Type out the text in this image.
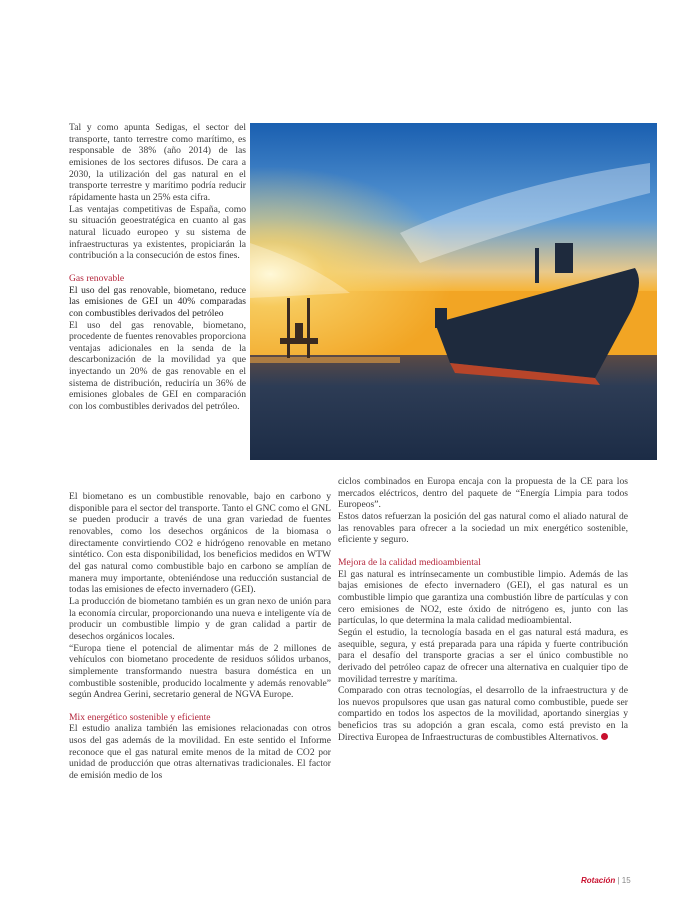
Tal y como apunta Sedigas, el sector del transporte, tanto terrestre como marítimo, es responsable de 38% (año 2014) de las emisiones de los sectores difusos. De cara a 2030, la utilización del gas natural en el transporte terrestre y marítimo podría reducir rápidamente hasta un 25% esta cifra.

Las ventajas competitivas de España, como su situación geoestratégica en cuanto al gas natural licuado europeo y su sistema de infraestructuras ya existentes, propiciarán la contribución a la consecución de estos fines.

Gas renovable

El uso del gas renovable, biometano, reduce las emisiones de GEI un 40% comparadas con combustibles derivados del petróleo

El uso del gas renovable, biometano, procedente de fuentes renovables proporciona ventajas adicionales en la senda de la descarbonización de la movilidad ya que inyectando un 20% de gas renovable en el sistema de distribución, reduciría un 36% de emisiones globales de GEI en comparación con los combustibles derivados del petróleo.

El biometano es un combustible renovable, bajo en carbono y disponible para el sector del transporte. Tanto el GNC como el GNL se pueden producir a través de una gran variedad de fuentes renovables, como los desechos orgánicos de la biomasa o directamente convirtiendo CO2 e hidrógeno renovable en metano sintético. Con esta disponibilidad, los beneficios medidos en WTW del gas natural como combustible bajo en carbono se amplían de manera muy importante, obteniéndose una reducción sustancial de todas las emisiones de efecto invernadero (GEI).

La producción de biometano también es un gran nexo de unión para la economía circular, proporcionando una nueva e inteligente vía de producir un combustible limpio y de gran calidad a partir de desechos orgánicos locales.

“Europa tiene el potencial de alimentar más de 2 millones de vehículos con biometano procedente de residuos sólidos urbanos, simplemente transformando nuestra basura doméstica en un combustible sostenible, producido localmente y además renovable” según Andrea Gerini, secretario general de NGVA Europe.

Mix energético sostenible y eficiente

El estudio analiza también las emisiones relacionadas con otros usos del gas además de la movilidad. En este sentido el Informe reconoce que el gas natural emite menos de la mitad de CO2 por unidad de producción que otras alternativas tradicionales. El factor de emisión medio de los

ciclos combinados en Europa encaja con la propuesta de la CE para los mercados eléctricos, dentro del paquete de “Energía Limpia para todos Europeos”.

Estos datos refuerzan la posición del gas natural como el aliado natural de las renovables para ofrecer a la sociedad un mix energético sostenible, eficiente y seguro.

Mejora de la calidad medioambiental

El gas natural es intrínsecamente un combustible limpio. Además de las bajas emisiones de efecto invernadero (GEI), el gas natural es un combustible limpio que garantiza una combustión libre de partículas y con cero emisiones de NO2, este óxido de nitrógeno es, junto con las partículas, lo que determina la mala calidad medioambiental.

Según el estudio, la tecnología basada en el gas natural está madura, es asequible, segura, y está preparada para una rápida y fuerte contribución para el desafío del transporte gracias a ser el único combustible no derivado del petróleo capaz de ofrecer una alternativa en cualquier tipo de movilidad terrestre y marítima.

Comparado con otras tecnologías, el desarrollo de la infraestructura y de los nuevos propulsores que usan gas natural como combustible, puede ser compartido en todos los aspectos de la movilidad, aportando sinergias y beneficios tras su adopción a gran escala, como está previsto en la Directiva Europea de Infraestructuras de combustibles Alternativos.

Rotación | 15
